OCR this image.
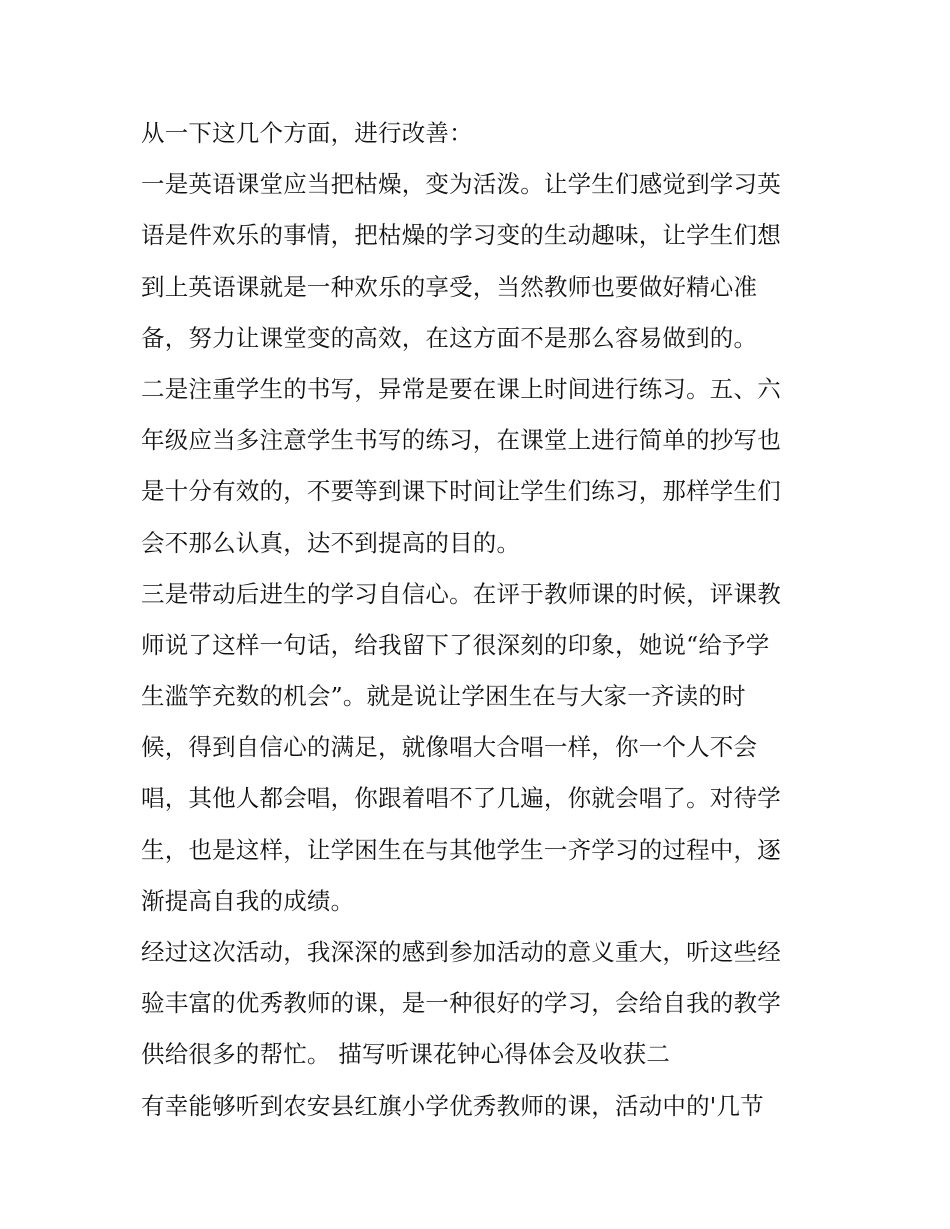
从一下这几个方面，进行改善：
一是英语课堂应当把枯燥，变为活泼。让学生们感觉到学习英
语是件欢乐的事情，把枯燥的学习变的生动趣味，让学生们想
到上英语课就是一种欢乐的享受，当然教师也要做好精心准
备，努力让课堂变的高效，在这方面不是那么容易做到的。
二是注重学生的书写，异常是要在课上时间进行练习。五、六
年级应当多注意学生书写的练习，在课堂上进行简单的抄写也
是十分有效的，不要等到课下时间让学生们练习，那样学生们
会不那么认真，达不到提高的目的。
三是带动后进生的学习自信心。在评于教师课的时候，评课教
师说了这样一句话，给我留下了很深刻的印象，她说“给予学
生滥竽充数的机会”。就是说让学困生在与大家一齐读的时
候，得到自信心的满足，就像唱大合唱一样，你一个人不会
唱，其他人都会唱，你跟着唱不了几遍，你就会唱了。对待学
生，也是这样，让学困生在与其他学生一齐学习的过程中，逐
渐提高自我的成绩。
经过这次活动，我深深的感到参加活动的意义重大，听这些经
验丰富的优秀教师的课，是一种很好的学习，会给自我的教学
供给很多的帮忙。 描写听课花钟心得体会及收获二
有幸能够听到农安县红旗小学优秀教师的课，活动中的'几节
